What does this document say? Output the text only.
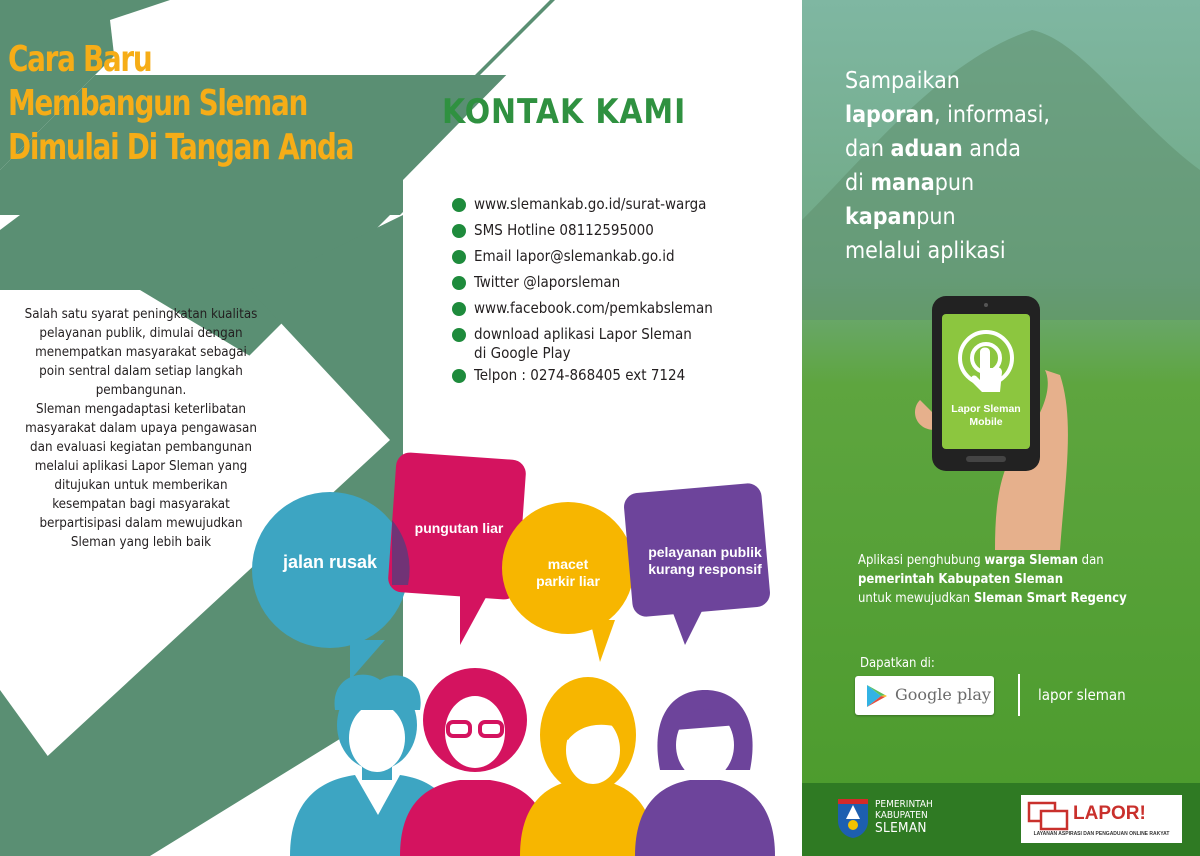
Cara Baru
Membangun Sleman
Dimulai Di Tangan Anda
Salah satu syarat peningkatan kualitas
pelayanan publik, dimulai dengan
menempatkan masyarakat sebagai
poin sentral dalam setiap langkah
pembangunan.
Sleman mengadaptasi keterlibatan
masyarakat dalam upaya pengawasan
dan evaluasi kegiatan pembangunan
melalui aplikasi Lapor Sleman yang
ditujukan untuk memberikan
kesempatan bagi masyarakat
berpartisipasi dalam mewujudkan
Sleman yang lebih baik
KONTAK KAMI
www.slemankab.go.id/surat-warga
SMS Hotline 08112595000
Email lapor@slemankab.go.id
Twitter @laporsleman
www.facebook.com/pemkabsleman
download aplikasi Lapor Sleman
di Google Play
Telpon : 0274-868405 ext 7124
jalan rusak
pungutan liar
macet
parkir liar
pelayanan publik
kurang responsif
Sampaikan
laporan, informasi,
dan aduan anda
di manapun
kapanpun
melalui aplikasi
Lapor Sleman
Mobile
Aplikasi penghubung warga Sleman dan
pemerintah Kabupaten Sleman
untuk mewujudkan Sleman Smart Regency
Dapatkan di:
Google play	lapor sleman
PEMERINTAH
KABUPATEN
SLEMAN
LAPOR!
LAYANAN ASPIRASI DAN PENGADUAN ONLINE RAKYAT
